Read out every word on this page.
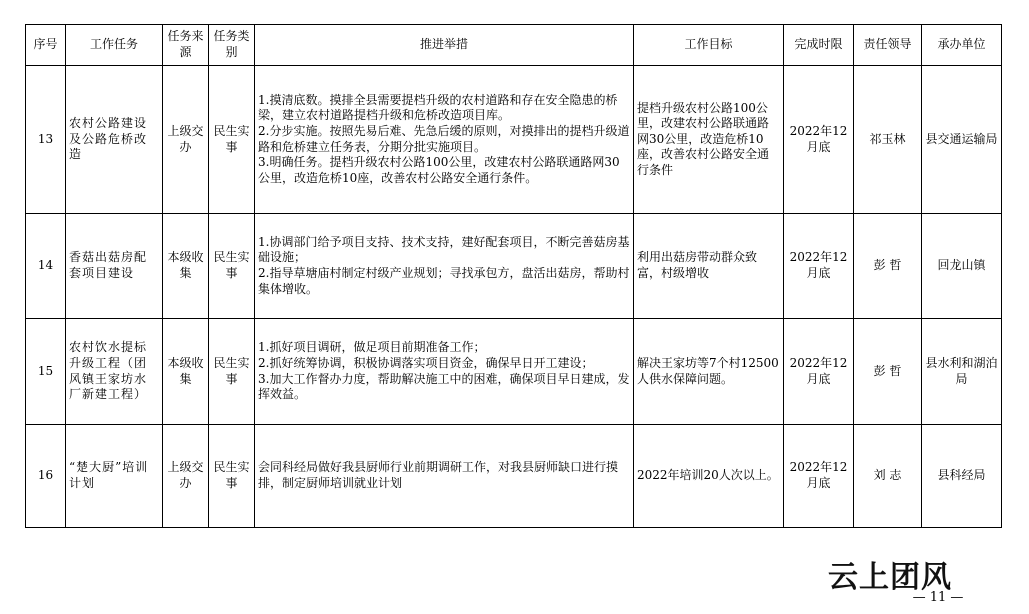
序号	工作任务	任务来源	任务类别	推进举措	工作目标	完成时限	责任领导	承办单位
13	农村公路建设及公路危桥改造	上级交办	民生实事	1.摸清底数。摸排全县需要提档升级的农村道路和存在安全隐患的桥梁，建立农村道路提档升级和危桥改造项目库。
2.分步实施。按照先易后难、先急后缓的原则，对摸排出的提档升级道路和危桥建立任务表，分期分批实施项目。
3.明确任务。提档升级农村公路100公里，改建农村公路联通路网30公里，改造危桥10座，改善农村公路安全通行条件。	提档升级农村公路100公里，改建农村公路联通路网30公里，改造危桥10座，改善农村公路安全通行条件	2022年12月底	祁玉林	县交通运输局
14	香菇出菇房配套项目建设	本级收集	民生实事	1.协调部门给予项目支持、技术支持，建好配套项目，不断完善菇房基础设施；
2.指导草塘庙村制定村级产业规划；寻找承包方，盘活出菇房，帮助村集体增收。	利用出菇房带动群众致富，村级增收	2022年12月底	彭 哲	回龙山镇
15	农村饮水提标升级工程（团风镇王家坊水厂新建工程）	本级收集	民生实事	1.抓好项目调研，做足项目前期准备工作；
2.抓好统筹协调，积极协调落实项目资金，确保早日开工建设；
3.加大工作督办力度，帮助解决施工中的困难，确保项目早日建成，发挥效益。	解决王家坊等7个村12500人供水保障问题。	2022年12月底	彭 哲	县水利和湖泊局
16	“楚大厨”培训计划	上级交办	民生实事	会同科经局做好我县厨师行业前期调研工作，对我县厨师缺口进行摸排，制定厨师培训就业计划	2022年培训20人次以上。	2022年12月底	刘 志	县科经局
云上团风
— 11 —
